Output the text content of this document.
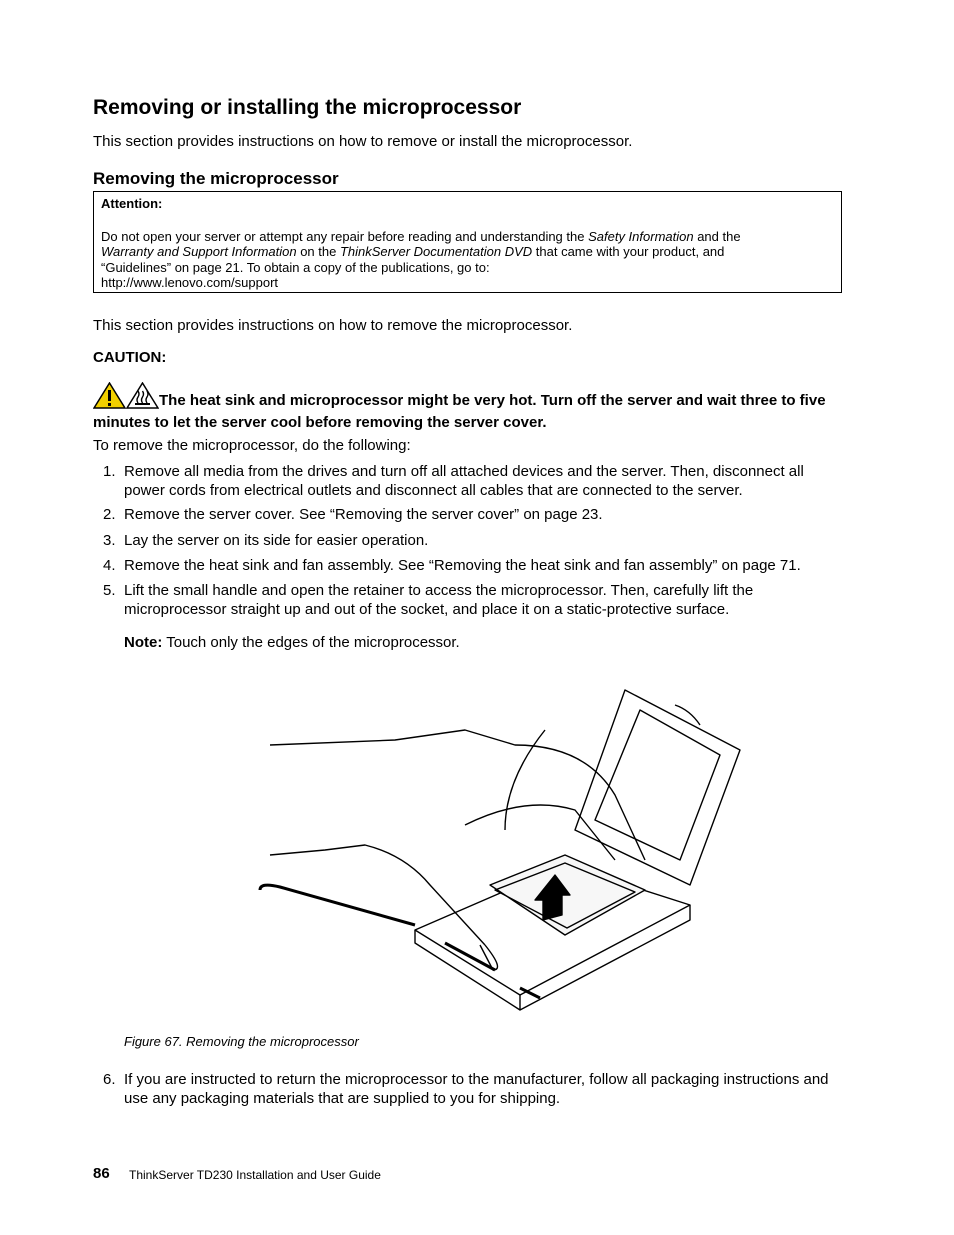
Removing or installing the microprocessor
This section provides instructions on how to remove or install the microprocessor.
Removing the microprocessor
Attention:
Do not open your server or attempt any repair before reading and understanding the Safety Information and the
Warranty and Support Information on the ThinkServer Documentation DVD that came with your product, and
“Guidelines” on page 21. To obtain a copy of the publications, go to:
http://www.lenovo.com/support
This section provides instructions on how to remove the microprocessor.
CAUTION:
The heat sink and microprocessor might be very hot. Turn off the server and wait three to five minutes to let the server cool before removing the server cover.
To remove the microprocessor, do the following:
1. Remove all media from the drives and turn off all attached devices and the server. Then, disconnect all power cords from electrical outlets and disconnect all cables that are connected to the server.
2. Remove the server cover. See “Removing the server cover” on page 23.
3. Lay the server on its side for easier operation.
4. Remove the heat sink and fan assembly. See “Removing the heat sink and fan assembly” on page 71.
5. Lift the small handle and open the retainer to access the microprocessor. Then, carefully lift the microprocessor straight up and out of the socket, and place it on a static-protective surface.
Note: Touch only the edges of the microprocessor.
Figure 67. Removing the microprocessor
6. If you are instructed to return the microprocessor to the manufacturer, follow all packaging instructions and use any packaging materials that are supplied to you for shipping.
86 ThinkServer TD230 Installation and User Guide
